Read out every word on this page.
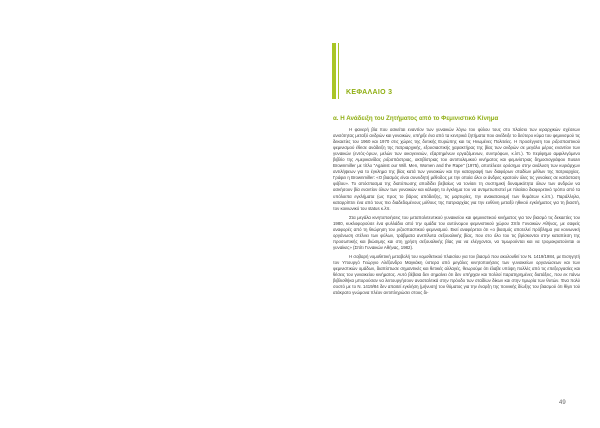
ΚΕΦΑΛΑΙΟ 3
α. Η Ανάδειξη του Ζητήματος από το Φεμινιστικό Κίνημα

Η φανερή βία που ασκείται εναντίον των γυναικών λόγω του φύλου τους στο πλαίσιο των ιεραρχικών σχέσεων ανισότητας μεταξύ ανδρών και γυναικών, υπήρξε ένα από τα κεντρικά ζητήματα που ανέδειξε το δεύτερο κύμα του φεμινισμού τις δεκαετίες του 1960 και 1970 στις χώρες της δυτικής Ευρώπης και τις Ηνωμένες Πολιτείες. Η προσέγγιση του ριζοσπαστικού φεμινισμού έθεσε ανάδειξη της πατριαρχικής, εξουσιαστικής χαρακτήρας της βίας των ανδρών σε μεγάλο μέρος εναντίον των γυναικών (εντός-όρων, μελών των οικογενειών, εξαρτημένων εργαζόμενων, συντρόφων, κ.λπ.). Το περίφημο αμφιλεγόμενο βιβλίο της Αμερικανίδας ριζοσπάστριας, ακτιβίστριας του αντιπολεμικού κινήματος και φεμινίστριας δημοσιογράφου Susan Brownmiller με τίτλο "Against our Will. Men, Women and the Rape" (1975), αποτέλεσε ορόσημο στην ανάλυση των κυριάρχων αντιλήψεων για το έγκλημα της βίας κατά των γυναικών και την καταγραφή των διαφόρων σταδίων μέθων της πατριαρχίας. Γράφει η Brownmiller: «Ο βιασμός είναι συνειδητή μέθοδος με την οποία όλοι οι άνδρες κρατούν όλες τις γυναίκες σε κατάσταση φόβου». Το απόσπασμα της διατύπωσης αποδίδει βεβαίως να τονίσει τη συστημική δυναμικότητα όλων των ανδρών να ασκήσουν βία εναντίον όλων των γυναικών και κάλυψη το έγκλημα του να αντιμετωπιστεί με πλαίσιο διαφορετικό τρόπο από τα υπόλοιπα εγκλήματα (ως προς το βάρος απόδειξης, τις μαρτυρίες, την ανακατανομή των θυμάτων κ.λπ.). Παράλληλα, καταρρίπτει ένα από τους πιο διαδεδομένους μύθους της πατριαρχίας για την ευθύνη μεταξύ ηθικού εγκλήματος για τη βιαστή, τον κοινωνικό του status κ.λπ.

Στα μεγάλα κινητοποιήσεις του μεταπολιτευτικού γυναικείου και φεμινιστικού κινήματος για τον βιασμό τις δεκαετίες του 1980, κυκλοφορούσε ένα φυλλάδιο από την ομάδα του αυτόνομου φεμινιστικού χώρου Σπίτι Γυναικών Αθήνας, με σαφείς αναφορές από τη θεώρηση του ριζοσπαστικού φεμινισμού. Εκεί αναφέρεται ότι «ο βιασμός αποτελεί πρόβλημα για κοινωνική οργάνωση στέλνει των φύλων, τράβματα ανεπίλυτα σεξουαλικής βίας, που στο όλο του τις βρίσκονται στην καταπίεση της προσωπικής και βιώσιμης και στη χρήση σεξουαλικής βίας για να ελέγχονται, να τιμωρούνται και να τρομοκρατούνται οι γυναίκες» (Σπίτι Γυναικών Αθήνας, 1982).

Η σοβαρή νομοθετική μεταβολή του νομοθετικού πλαισίου για τον βιασμό που ακολουθεί τον Ν. 1419/1984, με Εισηγητή τον Υπουργό Γεώργιο Αλέξανδρο Μαγκάκη ύστερα από μεγάλες κινητοποιήσεις των γυναικείων οργανώσεων και των φεμινιστικών ομάδων, διαπίστωσε σημαντικές και θετικές αλλαγές, θεωρούμε ότι έλαβε υπόψη πολλές από τις επεξεργασίες και θέσεις του γυναικείου κινήματος. Αυτό βέβαια δεν σημαίνει ότι δεν υπήρχαν και πολλοί παρατηρημένες διατάξεις, που εκ πάνω βιβλιοθήκα μπορούσαν να λειτουργήσουν ανασταλτικά στην πρόοδο των σταδίων δίκων και στην τιμωρία των θυτών. Ένα πολύ σοστό με το Ν. 1419/84 δεν απαιτεί εγκλήση (μήνυση) του θύματος για την έναρξη της ποινικής δίωξης του βιασμού ότι θίγει τού ατάκρατο γνώμονα πλέον αντιπληρώσει στους δι-

49
